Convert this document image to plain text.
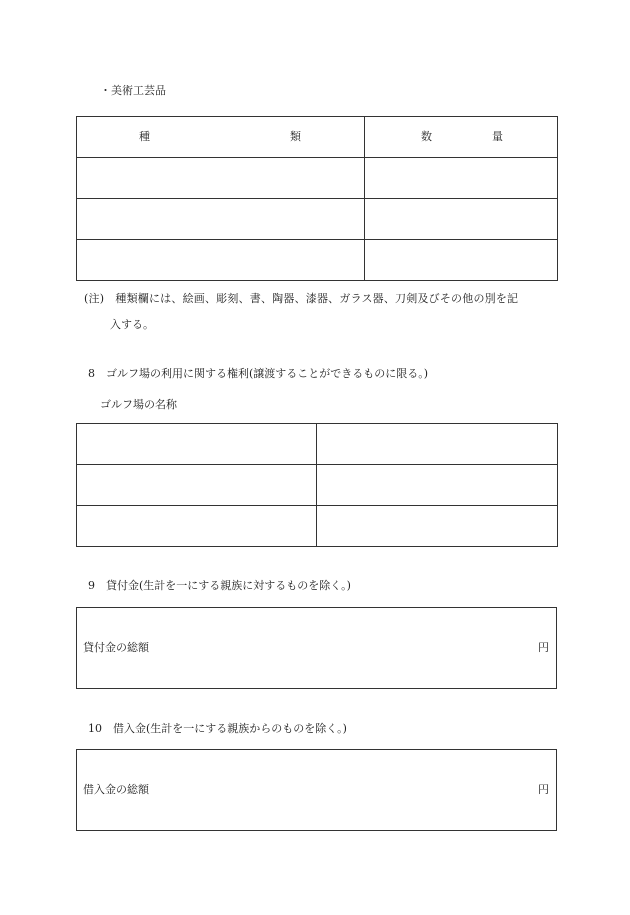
・美術工芸品
種 類	数 量

(注)　種類欄には、絵画、彫刻、書、陶器、漆器、ガラス器、刀剣及びその他の別を記
入する。
8　ゴルフ場の利用に関する権利(譲渡することができるものに限る。)
ゴルフ場の名称

9　貸付金(生計を一にする親族に対するものを除く。)
貸付金の総額	円
10　借入金(生計を一にする親族からのものを除く。)
借入金の総額	円
